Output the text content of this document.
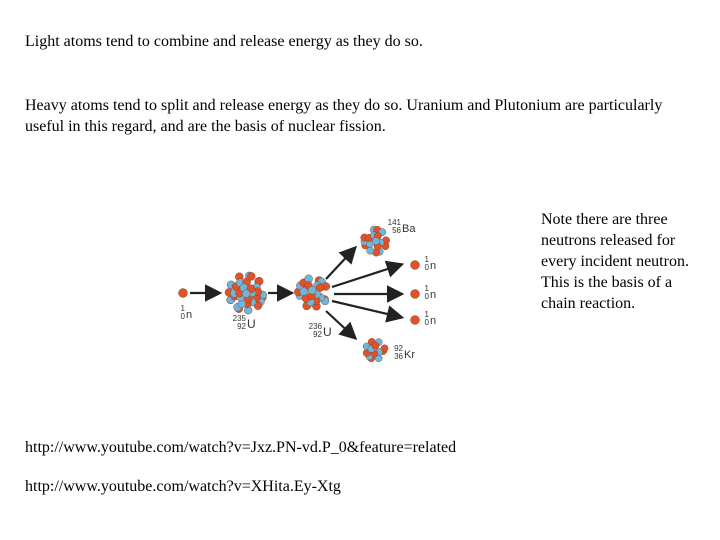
Light atoms tend to combine and release energy as they do so.

Heavy atoms tend to split and release energy as they do so. Uranium and Plutonium are particularly useful in this regard, and are the basis of nuclear fission.

Note there are three neutrons released for every incident neutron. This is the basis of a chain reaction.

1
0 n	235
92 U	236
92 U
141
56 Ba
92
36 Kr
1
0 n
1
0 n
1
0 n
http://www.youtube.com/watch?v=Jxz.PN-vd.P_0&feature=related
http://www.youtube.com/watch?v=XHita.Ey-Xtg
